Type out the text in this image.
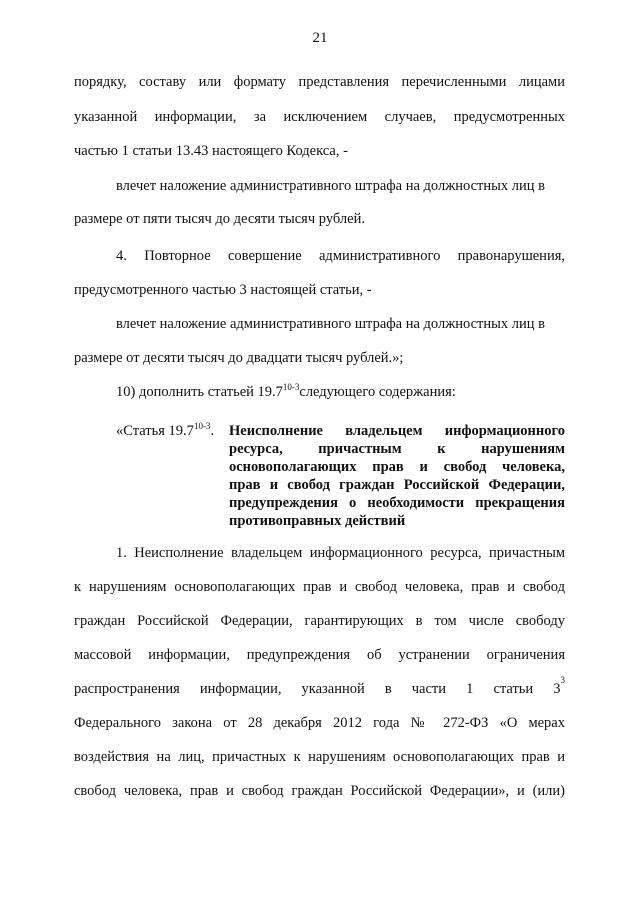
21
порядку, составу или формату представления перечисленными лицами
указанной информации, за исключением случаев, предусмотренных
частью 1 статьи 13.43 настоящего Кодекса, -
влечет наложение административного штрафа на должностных лиц в
размере от пяти тысяч до десяти тысяч рублей.
4. Повторное совершение административного правонарушения,
предусмотренного частью 3 настоящей статьи, -
влечет наложение административного штрафа на должностных лиц в
размере от десяти тысяч до двадцати тысяч рублей.»;
10) дополнить статьей 19.7$^{10-3}$следующего содержания:
«Статья 19.7$^{10-3}$. Неисполнение владельцем информационного
ресурса, причастным к нарушениям
основополагающих прав и свобод человека,
прав и свобод граждан Российской Федерации,
предупреждения о необходимости прекращения
противоправных действий
1. Неисполнение владельцем информационного ресурса, причастным
к нарушениям основополагающих прав и свобод человека, прав и свобод
граждан Российской Федерации, гарантирующих в том числе свободу
массовой информации, предупреждения об устранении ограничения
распространения информации, указанной в части 1 статьи 3
3
Федерального закона от 28 декабря 2012 года № 272-ФЗ «О мерах
воздействия на лиц, причастных к нарушениям основополагающих прав и
свобод человека, прав и свобод граждан Российской Федерации», и (или)
